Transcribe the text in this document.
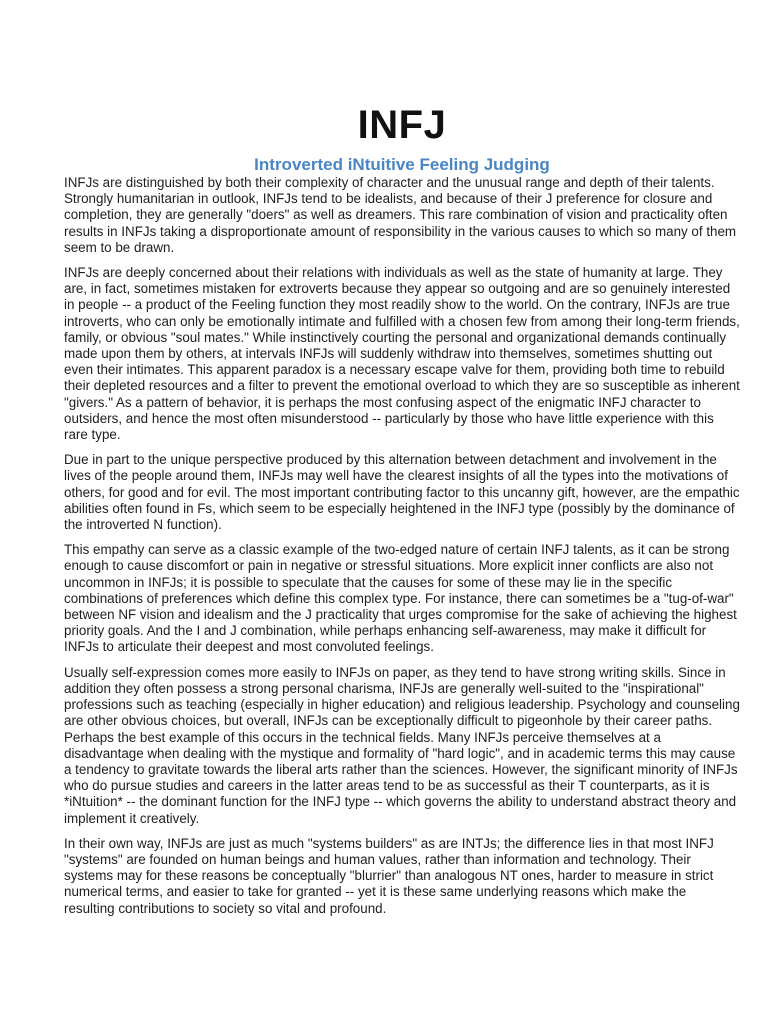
INFJ
Introverted iNtuitive Feeling Judging

INFJs are distinguished by both their complexity of character and the unusual range and depth of their talents. Strongly humanitarian in outlook, INFJs tend to be idealists, and because of their J preference for closure and completion, they are generally "doers" as well as dreamers. This rare combination of vision and practicality often results in INFJs taking a disproportionate amount of responsibility in the various causes to which so many of them seem to be drawn.

INFJs are deeply concerned about their relations with individuals as well as the state of humanity at large. They are, in fact, sometimes mistaken for extroverts because they appear so outgoing and are so genuinely interested in people -- a product of the Feeling function they most readily show to the world. On the contrary, INFJs are true introverts, who can only be emotionally intimate and fulfilled with a chosen few from among their long-term friends, family, or obvious "soul mates." While instinctively courting the personal and organizational demands continually made upon them by others, at intervals INFJs will suddenly withdraw into themselves, sometimes shutting out even their intimates. This apparent paradox is a necessary escape valve for them, providing both time to rebuild their depleted resources and a filter to prevent the emotional overload to which they are so susceptible as inherent "givers." As a pattern of behavior, it is perhaps the most confusing aspect of the enigmatic INFJ character to outsiders, and hence the most often misunderstood -- particularly by those who have little experience with this rare type.

Due in part to the unique perspective produced by this alternation between detachment and involvement in the lives of the people around them, INFJs may well have the clearest insights of all the types into the motivations of others, for good and for evil. The most important contributing factor to this uncanny gift, however, are the empathic abilities often found in Fs, which seem to be especially heightened in the INFJ type (possibly by the dominance of the introverted N function).

This empathy can serve as a classic example of the two-edged nature of certain INFJ talents, as it can be strong enough to cause discomfort or pain in negative or stressful situations. More explicit inner conflicts are also not uncommon in INFJs; it is possible to speculate that the causes for some of these may lie in the specific combinations of preferences which define this complex type. For instance, there can sometimes be a "tug-of-war" between NF vision and idealism and the J practicality that urges compromise for the sake of achieving the highest priority goals. And the I and J combination, while perhaps enhancing self-awareness, may make it difficult for INFJs to articulate their deepest and most convoluted feelings.

Usually self-expression comes more easily to INFJs on paper, as they tend to have strong writing skills. Since in addition they often possess a strong personal charisma, INFJs are generally well-suited to the "inspirational" professions such as teaching (especially in higher education) and religious leadership. Psychology and counseling are other obvious choices, but overall, INFJs can be exceptionally difficult to pigeonhole by their career paths. Perhaps the best example of this occurs in the technical fields. Many INFJs perceive themselves at a disadvantage when dealing with the mystique and formality of "hard logic", and in academic terms this may cause a tendency to gravitate towards the liberal arts rather than the sciences. However, the significant minority of INFJs who do pursue studies and careers in the latter areas tend to be as successful as their T counterparts, as it is *iNtuition* -- the dominant function for the INFJ type -- which governs the ability to understand abstract theory and implement it creatively.

In their own way, INFJs are just as much "systems builders" as are INTJs; the difference lies in that most INFJ "systems" are founded on human beings and human values, rather than information and technology. Their systems may for these reasons be conceptually "blurrier" than analogous NT ones, harder to measure in strict numerical terms, and easier to take for granted -- yet it is these same underlying reasons which make the resulting contributions to society so vital and profound.
